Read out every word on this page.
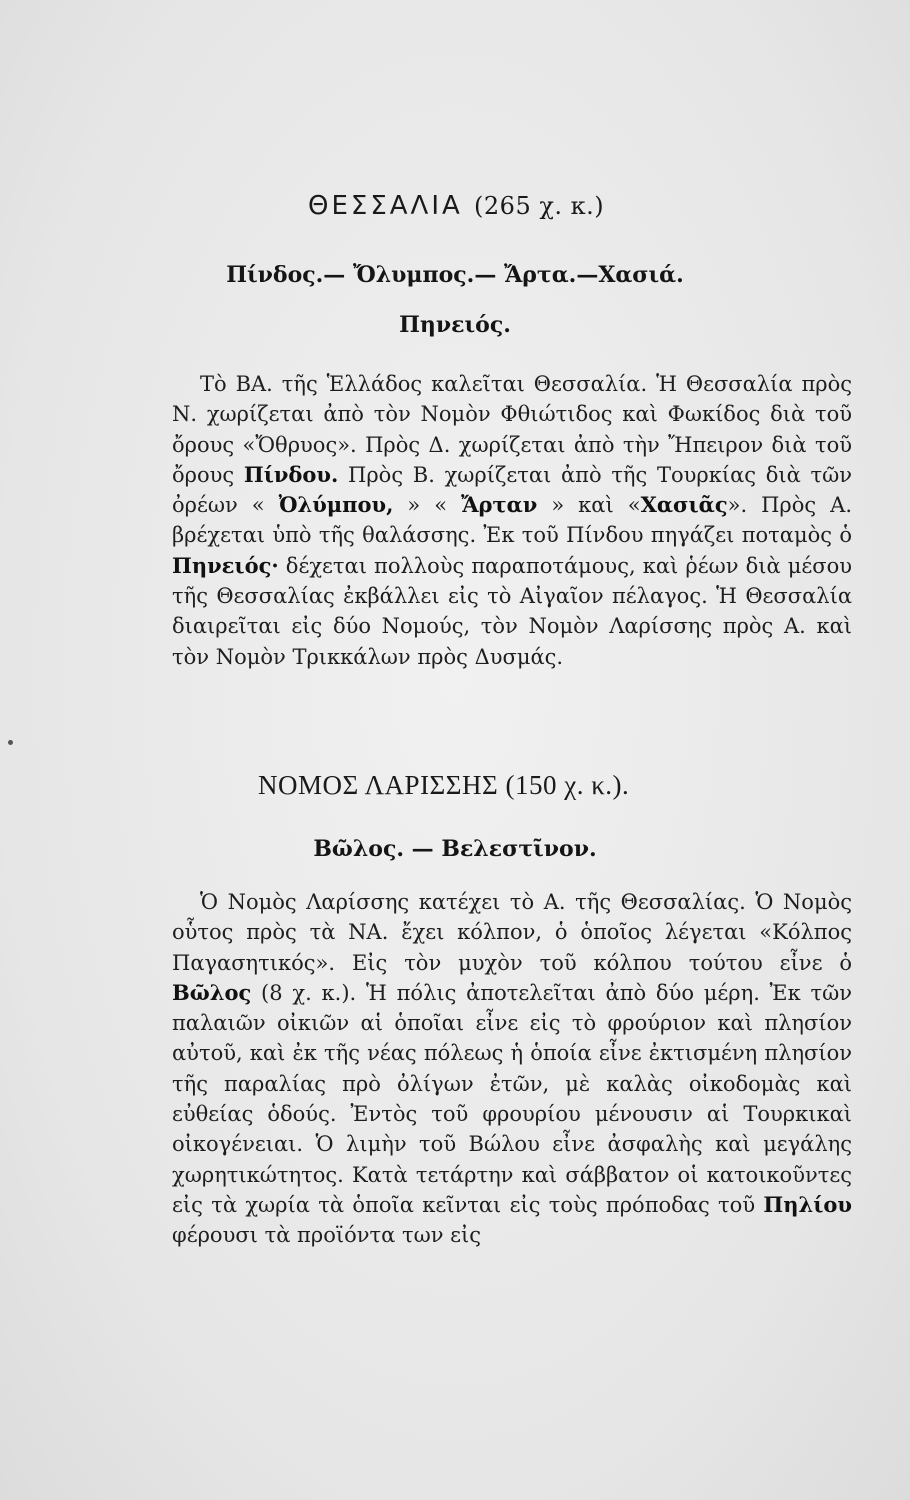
ΘΕΣΣΑΛΙΑ (265 χ. κ.)
Πίνδος.— Ὄλυμπος.— Ἄρτα.—Χασιά.
Πηνειός.

Τὸ ΒΑ. τῆς Ἑλλάδος καλεῖται Θεσσαλία. Ἡ Θεσσαλία πρὸς Ν. χωρίζεται ἀπὸ τὸν Νομὸν Φθιώτιδος καὶ Φωκίδος διὰ τοῦ ὄρους «Ὄθρυος». Πρὸς Δ. χωρίζεται ἀπὸ τὴν Ἤπειρον διὰ τοῦ ὄρους Πίνδου. Πρὸς Β. χωρίζεται ἀπὸ τῆς Τουρκίας διὰ τῶν ὀρέων « Ὀλύμπου, » « Ἄρταν » καὶ «Χασιᾶς». Πρὸς Α. βρέχεται ὑπὸ τῆς θαλάσσης. Ἐκ τοῦ Πίνδου πηγάζει ποταμὸς ὁ Πηνειός· δέχεται πολλοὺς παραποτάμους, καὶ ῥέων διὰ μέσου τῆς Θεσσαλίας ἐκβάλλει εἰς τὸ Αἰγαῖον πέλαγος. Ἡ Θεσσαλία διαιρεῖται εἰς δύο Νομούς, τὸν Νομὸν Λαρίσσης πρὸς Α. καὶ τὸν Νομὸν Τρικκάλων πρὸς Δυσμάς.

ΝΟΜΟΣ ΛΑΡΙΣΣΗΣ (150 χ. κ.).
Βῶλος. — Βελεστῖνον.

Ὁ Νομὸς Λαρίσσης κατέχει τὸ Α. τῆς Θεσσαλίας. Ὁ Νομὸς οὗτος πρὸς τὰ ΝΑ. ἔχει κόλπον, ὁ ὁποῖος λέγεται «Κόλπος Παγασητικός». Εἰς τὸν μυχὸν τοῦ κόλπου τούτου εἶνε ὁ Βῶλος (8 χ. κ.). Ἡ πόλις ἀποτελεῖται ἀπὸ δύο μέρη. Ἐκ τῶν παλαιῶν οἰκιῶν αἱ ὁποῖαι εἶνε εἰς τὸ φρούριον καὶ πλησίον αὐτοῦ, καὶ ἐκ τῆς νέας πόλεως ἡ ὁποία εἶνε ἐκτισμένη πλησίον τῆς παραλίας πρὸ ὀλίγων ἐτῶν, μὲ καλὰς οἰκοδομὰς καὶ εὐθείας ὁδούς. Ἐντὸς τοῦ φρουρίου μένουσιν αἱ Τουρκικαὶ οἰκογένειαι. Ὁ λιμὴν τοῦ Βώλου εἶνε ἀσφαλὴς καὶ μεγάλης χωρητικώτητος. Κατὰ τετάρτην καὶ σάββατον οἱ κατοικοῦντες εἰς τὰ χωρία τὰ ὁποῖα κεῖνται εἰς τοὺς πρόποδας τοῦ Πηλίου φέρουσι τὰ προϊόντα των εἰς
